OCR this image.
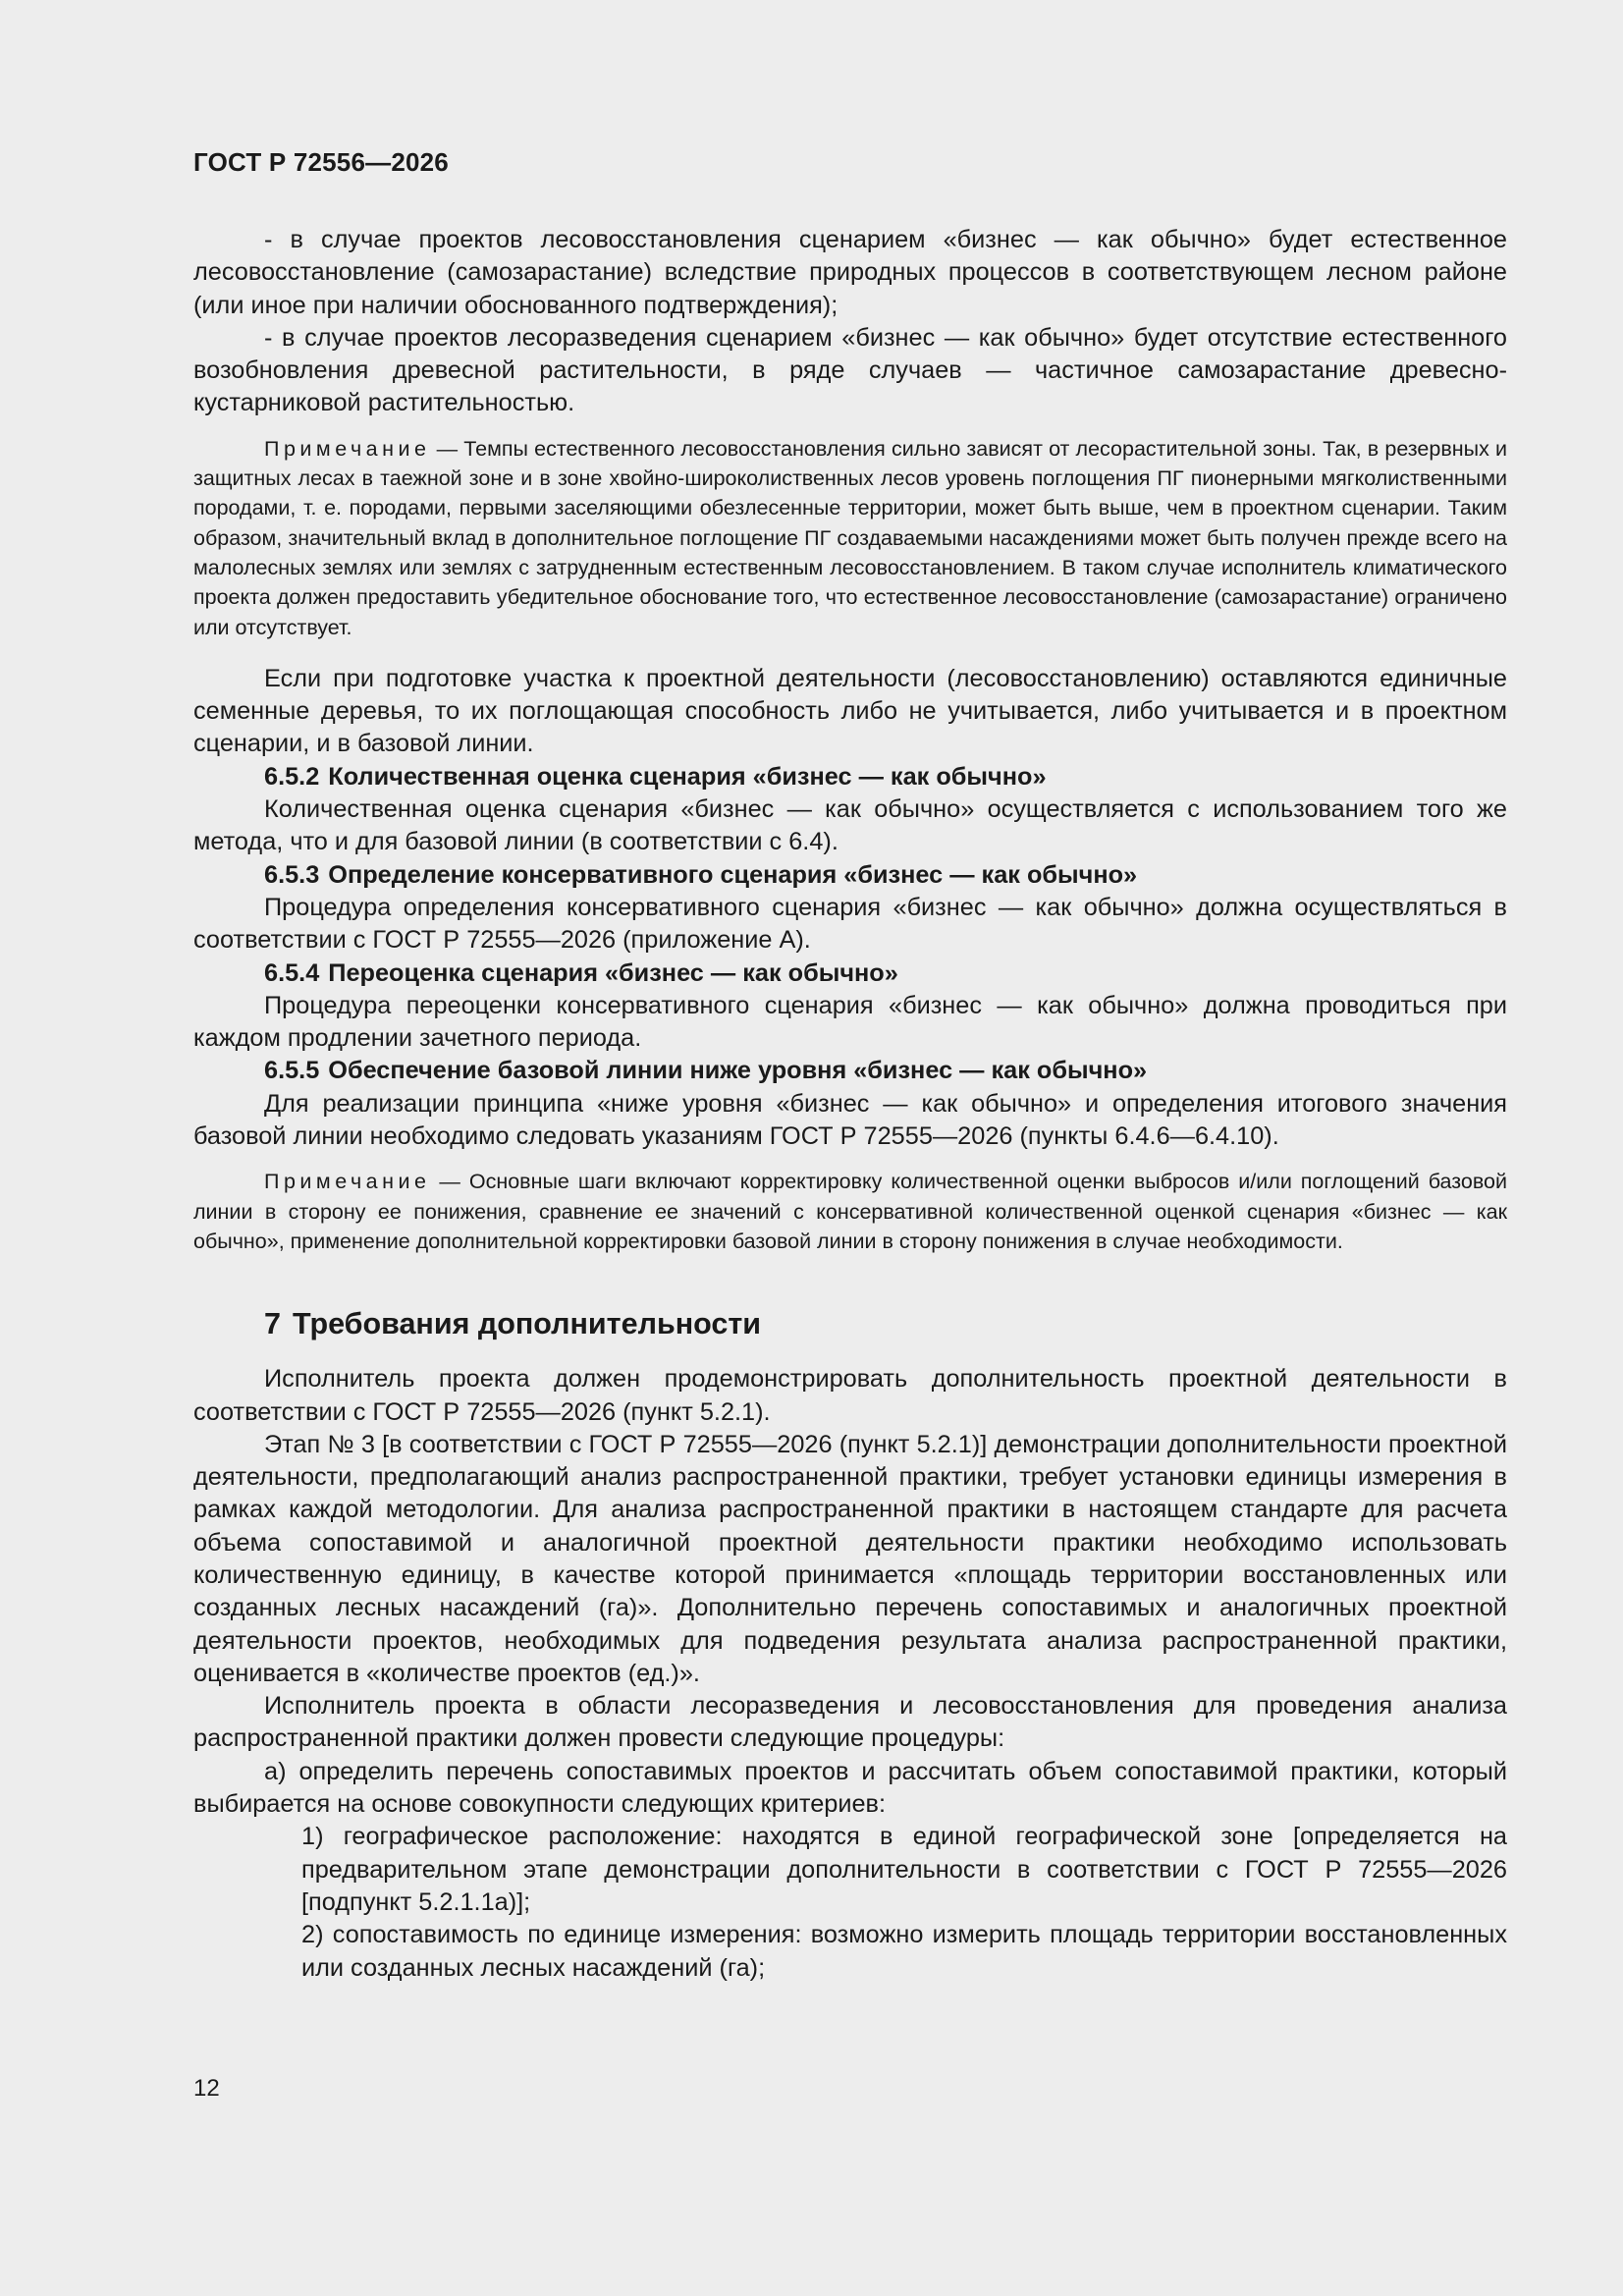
ГОСТ Р 72556—2026

- в случае проектов лесовосстановления сценарием «бизнес — как обычно» будет естественное лесовосстановление (самозарастание) вследствие природных процессов в соответствующем лесном районе (или иное при наличии обоснованного подтверждения);

- в случае проектов лесоразведения сценарием «бизнес — как обычно» будет отсутствие естественного возобновления древесной растительности, в ряде случаев — частичное самозарастание древесно-кустарниковой растительностью.

Примечание — Темпы естественного лесовосстановления сильно зависят от лесорастительной зоны. Так, в резервных и защитных лесах в таежной зоне и в зоне хвойно-широколиственных лесов уровень поглощения ПГ пионерными мягколиственными породами, т. е. породами, первыми заселяющими обезлесенные территории, может быть выше, чем в проектном сценарии. Таким образом, значительный вклад в дополнительное поглощение ПГ создаваемыми насаждениями может быть получен прежде всего на малолесных землях или землях с затрудненным естественным лесовосстановлением. В таком случае исполнитель климатического проекта должен предоставить убедительное обоснование того, что естественное лесовосстановление (самозарастание) ограничено или отсутствует.

Если при подготовке участка к проектной деятельности (лесовосстановлению) оставляются единичные семенные деревья, то их поглощающая способность либо не учитывается, либо учитывается и в проектном сценарии, и в базовой линии.

6.5.2 Количественная оценка сценария «бизнес — как обычно»

Количественная оценка сценария «бизнес — как обычно» осуществляется с использованием того же метода, что и для базовой линии (в соответствии с 6.4).

6.5.3 Определение консервативного сценария «бизнес — как обычно»

Процедура определения консервативного сценария «бизнес — как обычно» должна осуществляться в соответствии с ГОСТ Р 72555—2026 (приложение А).

6.5.4 Переоценка сценария «бизнес — как обычно»

Процедура переоценки консервативного сценария «бизнес — как обычно» должна проводиться при каждом продлении зачетного периода.

6.5.5 Обеспечение базовой линии ниже уровня «бизнес — как обычно»

Для реализации принципа «ниже уровня «бизнес — как обычно» и определения итогового значения базовой линии необходимо следовать указаниям ГОСТ Р 72555—2026 (пункты 6.4.6—6.4.10).

Примечание — Основные шаги включают корректировку количественной оценки выбросов и/или поглощений базовой линии в сторону ее понижения, сравнение ее значений с консервативной количественной оценкой сценария «бизнес — как обычно», применение дополнительной корректировки базовой линии в сторону понижения в случае необходимости.

7 Требования дополнительности

Исполнитель проекта должен продемонстрировать дополнительность проектной деятельности в соответствии с ГОСТ Р 72555—2026 (пункт 5.2.1).

Этап № 3 [в соответствии с ГОСТ Р 72555—2026 (пункт 5.2.1)] демонстрации дополнительности проектной деятельности, предполагающий анализ распространенной практики, требует установки единицы измерения в рамках каждой методологии. Для анализа распространенной практики в настоящем стандарте для расчета объема сопоставимой и аналогичной проектной деятельности практики необходимо использовать количественную единицу, в качестве которой принимается «площадь территории восстановленных или созданных лесных насаждений (га)». Дополнительно перечень сопоставимых и аналогичных проектной деятельности проектов, необходимых для подведения результата анализа распространенной практики, оценивается в «количестве проектов (ед.)».

Исполнитель проекта в области лесоразведения и лесовосстановления для проведения анализа распространенной практики должен провести следующие процедуры:

а) определить перечень сопоставимых проектов и рассчитать объем сопоставимой практики, который выбирается на основе совокупности следующих критериев:

1) географическое расположение: находятся в единой географической зоне [определяется на предварительном этапе демонстрации дополнительности в соответствии с ГОСТ Р 72555—2026 [подпункт 5.2.1.1а)];

2) сопоставимость по единице измерения: возможно измерить площадь территории восстановленных или созданных лесных насаждений (га);

12
